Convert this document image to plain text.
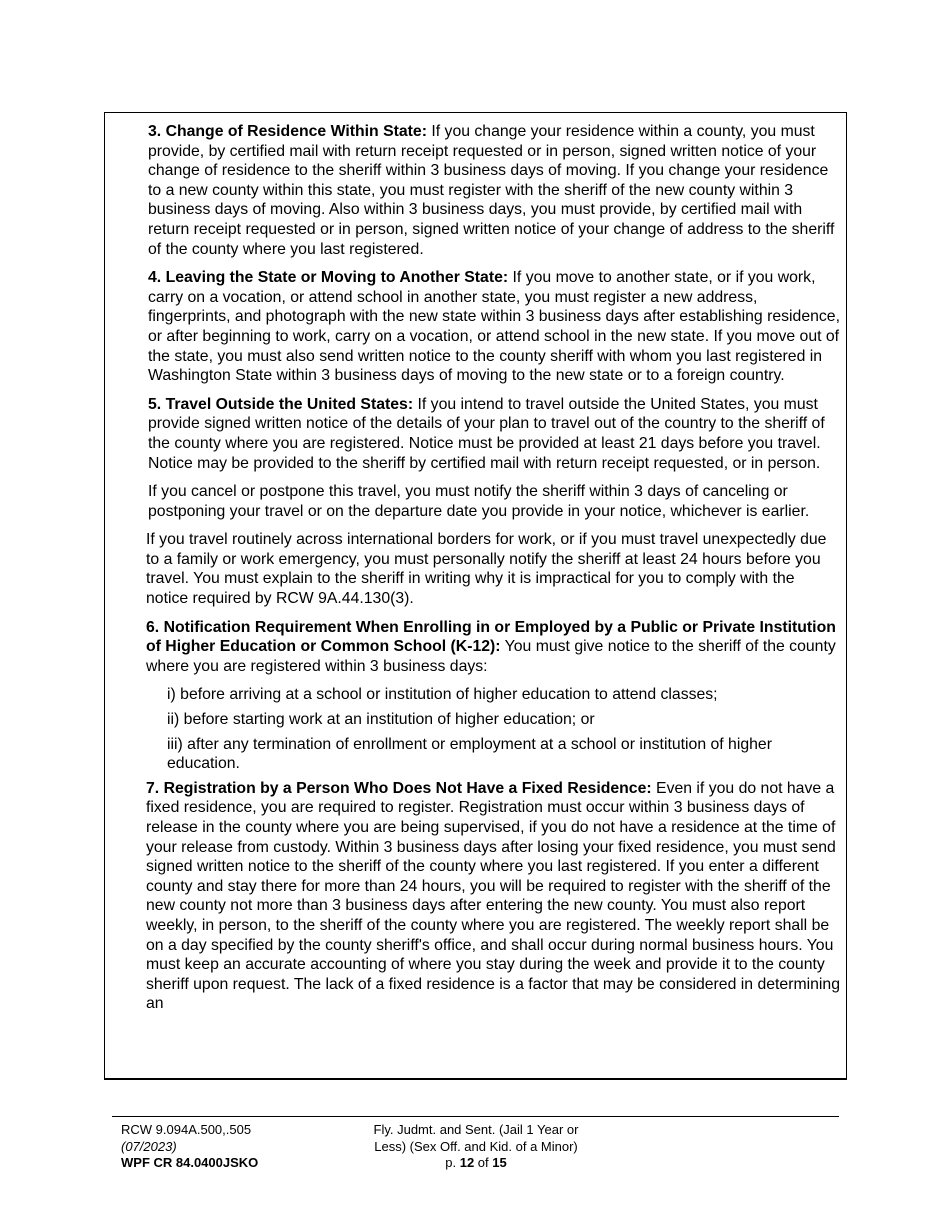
3. Change of Residence Within State: If you change your residence within a county, you must provide, by certified mail with return receipt requested or in person, signed written notice of your change of residence to the sheriff within 3 business days of moving. If you change your residence to a new county within this state, you must register with the sheriff of the new county within 3 business days of moving. Also within 3 business days, you must provide, by certified mail with return receipt requested or in person, signed written notice of your change of address to the sheriff of the county where you last registered.

4. Leaving the State or Moving to Another State: If you move to another state, or if you work, carry on a vocation, or attend school in another state, you must register a new address, fingerprints, and photograph with the new state within 3 business days after establishing residence, or after beginning to work, carry on a vocation, or attend school in the new state. If you move out of the state, you must also send written notice to the county sheriff with whom you last registered in Washington State within 3 business days of moving to the new state or to a foreign country.

5. Travel Outside the United States: If you intend to travel outside the United States, you must provide signed written notice of the details of your plan to travel out of the country to the sheriff of the county where you are registered. Notice must be provided at least 21 days before you travel. Notice may be provided to the sheriff by certified mail with return receipt requested, or in person.

If you cancel or postpone this travel, you must notify the sheriff within 3 days of canceling or postponing your travel or on the departure date you provide in your notice, whichever is earlier.

If you travel routinely across international borders for work, or if you must travel unexpectedly due to a family or work emergency, you must personally notify the sheriff at least 24 hours before you travel. You must explain to the sheriff in writing why it is impractical for you to comply with the notice required by RCW 9A.44.130(3).

6. Notification Requirement When Enrolling in or Employed by a Public or Private Institution of Higher Education or Common School (K-12): You must give notice to the sheriff of the county where you are registered within 3 business days:

i) before arriving at a school or institution of higher education to attend classes;

ii) before starting work at an institution of higher education; or

iii) after any termination of enrollment or employment at a school or institution of higher education.

7. Registration by a Person Who Does Not Have a Fixed Residence: Even if you do not have a fixed residence, you are required to register. Registration must occur within 3 business days of release in the county where you are being supervised, if you do not have a residence at the time of your release from custody. Within 3 business days after losing your fixed residence, you must send signed written notice to the sheriff of the county where you last registered. If you enter a different county and stay there for more than 24 hours, you will be required to register with the sheriff of the new county not more than 3 business days after entering the new county. You must also report weekly, in person, to the sheriff of the county where you are registered. The weekly report shall be on a day specified by the county sheriff's office, and shall occur during normal business hours. You must keep an accurate accounting of where you stay during the week and provide it to the county sheriff upon request. The lack of a fixed residence is a factor that may be considered in determining an

RCW 9.094A.500,.505
(07/2023)
WPF CR 84.0400JSKO
Fly. Judmt. and Sent. (Jail 1 Year or
Less) (Sex Off. and Kid. of a Minor)
p. 12 of 15
